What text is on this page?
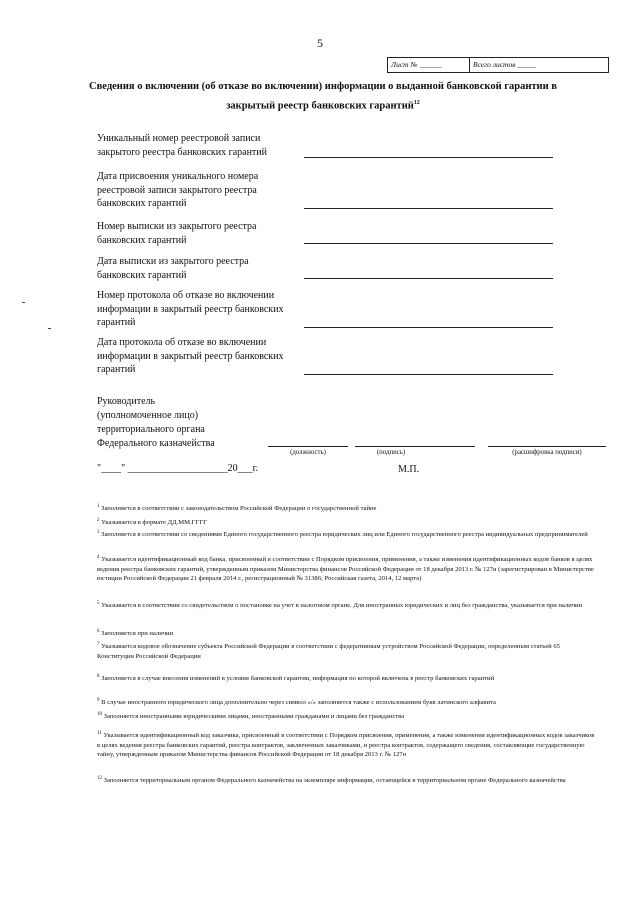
5
Лист № ______	Всего листов _____
Сведения о включении (об отказе во включении) информации о выданной банковской гарантии в
закрытый реестр банковских гарантий$^{12}$
Уникальный номер реестровой записи
закрытого реестра банковских гарантий
Дата присвоения уникального номера
реестровой записи закрытого реестра
банковских гарантий
Номер выписки из закрытого реестра
банковских гарантий
Дата выписки из закрытого реестра
банковских гарантий
Номер протокола об отказе во включении
информации в закрытый реестр банковских
гарантий
Дата протокола об отказе во включении
информации в закрытый реестр банковских
гарантий
Руководитель
(уполномоченное лицо)
территориального органа
Федерального казначейства
(должность)	(подпись)	(расшифровка подписи)
"____" ____________________20___г.	М.П.
$^1$ Заполняется в соответствии с законодательством Российской Федерации о государственной тайне
$^2$ Указывается в формате ДД.ММ.ГГГГ
$^3$ Заполняется в соответствии со сведениями Единого государственного реестра юридических лиц или Единого государственного реестра индивидуальных предпринимателей
$^4$ Указывается идентификационный код банка, присвоенный в соответствии с Порядком присвоения, применения, а также изменения идентификационных кодов банков в целях ведения реестра банковских гарантий, утвержденным приказом Министерства финансов Российской Федерации от 18 декабря 2013 г. № 127н (зарегистрирован в Министерстве юстиции Российской Федерации 21 февраля 2014 г., регистрационный № 31386; Российская газета, 2014, 12 марта)
$^5$ Указывается в соответствии со свидетельством о постановке на учет в налоговом органе. Для иностранных юридических и лиц без гражданства, указывается при наличии
$^6$ Заполняется при наличии
$^7$ Указывается кодовое обозначение субъекта Российской Федерации в соответствии с федеративным устройством Российской Федерации, определенным статьей 65 Конституции Российской Федерации
$^8$ Заполняется в случае внесения изменений в условия банковской гарантии, информация по которой включена в реестр банковских гарантий
$^9$ В случае иностранного юридического лица дополнительно через символ «/» заполняется также с использованием букв латинского алфавита
$^{10}$ Заполняется иностранными юридическими лицами, иностранными гражданами и лицами без гражданства
$^{11}$ Указывается идентификационный код заказчика, присвоенный в соответствии с Порядком присвоения, применения, а также изменения идентификационных кодов заказчиков в целях ведения реестра банковских гарантий, реестра контрактов, заключенных заказчиками, и реестра контрактов, содержащего сведения, составляющие государственную тайну, утвержденным приказом Министерства финансов Российской Федерации от 18 декабря 2013 г. № 127н
$^{12}$ Заполняется территориальным органом Федерального казначейства на экземпляре информации, остающейся в территориальном органе Федерального казначейства
